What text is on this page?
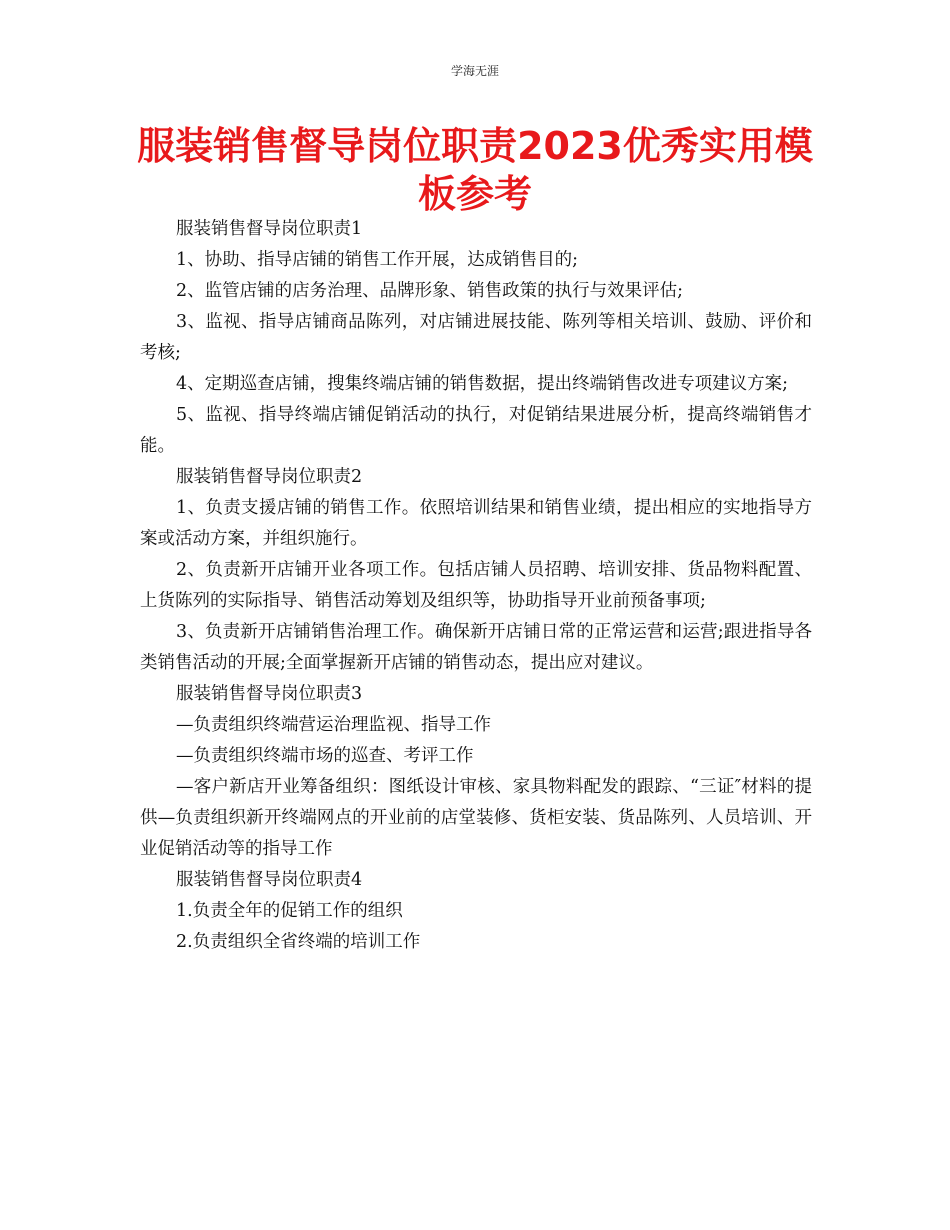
学海无涯
服装销售督导岗位职责2023优秀实用模板参考

服装销售督导岗位职责1

1、协助、指导店铺的销售工作开展，达成销售目的;

2、监管店铺的店务治理、品牌形象、销售政策的执行与效果评估;

3、监视、指导店铺商品陈列，对店铺进展技能、陈列等相关培训、鼓励、评价和考核;

4、定期巡查店铺，搜集终端店铺的销售数据，提出终端销售改进专项建议方案;

5、监视、指导终端店铺促销活动的执行，对促销结果进展分析，提高终端销售才能。

服装销售督导岗位职责2

1、负责支援店铺的销售工作。依照培训结果和销售业绩，提出相应的实地指导方案或活动方案，并组织施行。

2、负责新开店铺开业各项工作。包括店铺人员招聘、培训安排、货品物料配置、上货陈列的实际指导、销售活动筹划及组织等，协助指导开业前预备事项;

3、负责新开店铺销售治理工作。确保新开店铺日常的正常运营和运营;跟进指导各类销售活动的开展;全面掌握新开店铺的销售动态，提出应对建议。

服装销售督导岗位职责3

—负责组织终端营运治理监视、指导工作

—负责组织终端市场的巡查、考评工作

—客户新店开业筹备组织：图纸设计审核、家具物料配发的跟踪、“三证″材料的提供—负责组织新开终端网点的开业前的店堂装修、货柜安装、货品陈列、人员培训、开业促销活动等的指导工作

服装销售督导岗位职责4

1.负责全年的促销工作的组织

2.负责组织全省终端的培训工作
